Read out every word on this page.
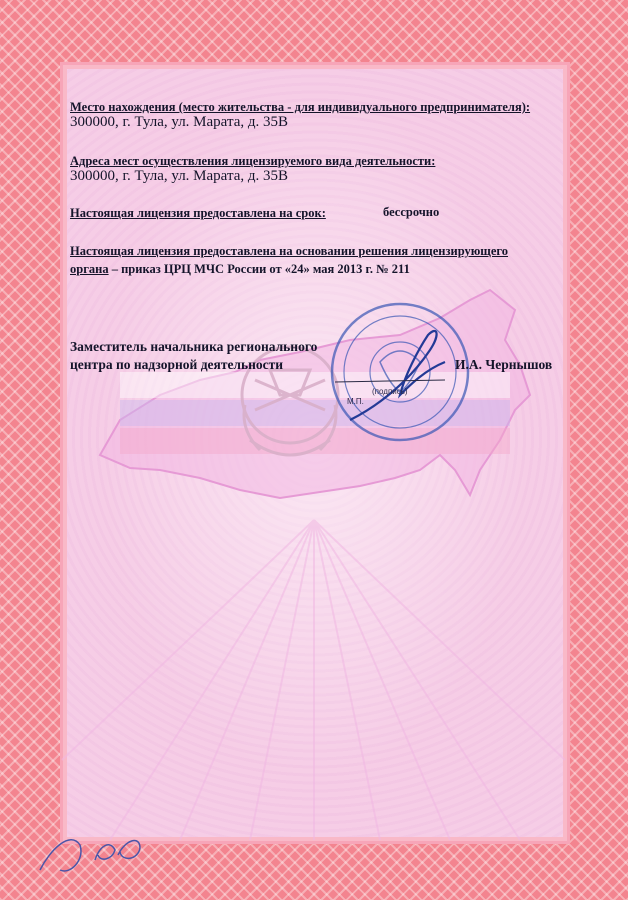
Место нахождения (место жительства - для индивидуального предпринимателя):
300000, г. Тула, ул. Марата, д. 35В
Адреса мест осуществления лицензируемого вида деятельности:
300000, г. Тула, ул. Марата, д. 35В
Настоящая лицензия предоставлена на срок:	бессрочно
Настоящая лицензия предоставлена на основании решения лицензирующего
органа – приказ ЦРЦ МЧС России от «24» мая 2013 г. № 211
Заместитель начальника регионального
центра по надзорной деятельности
(подпись)
М.П.
И.А. Чернышов
